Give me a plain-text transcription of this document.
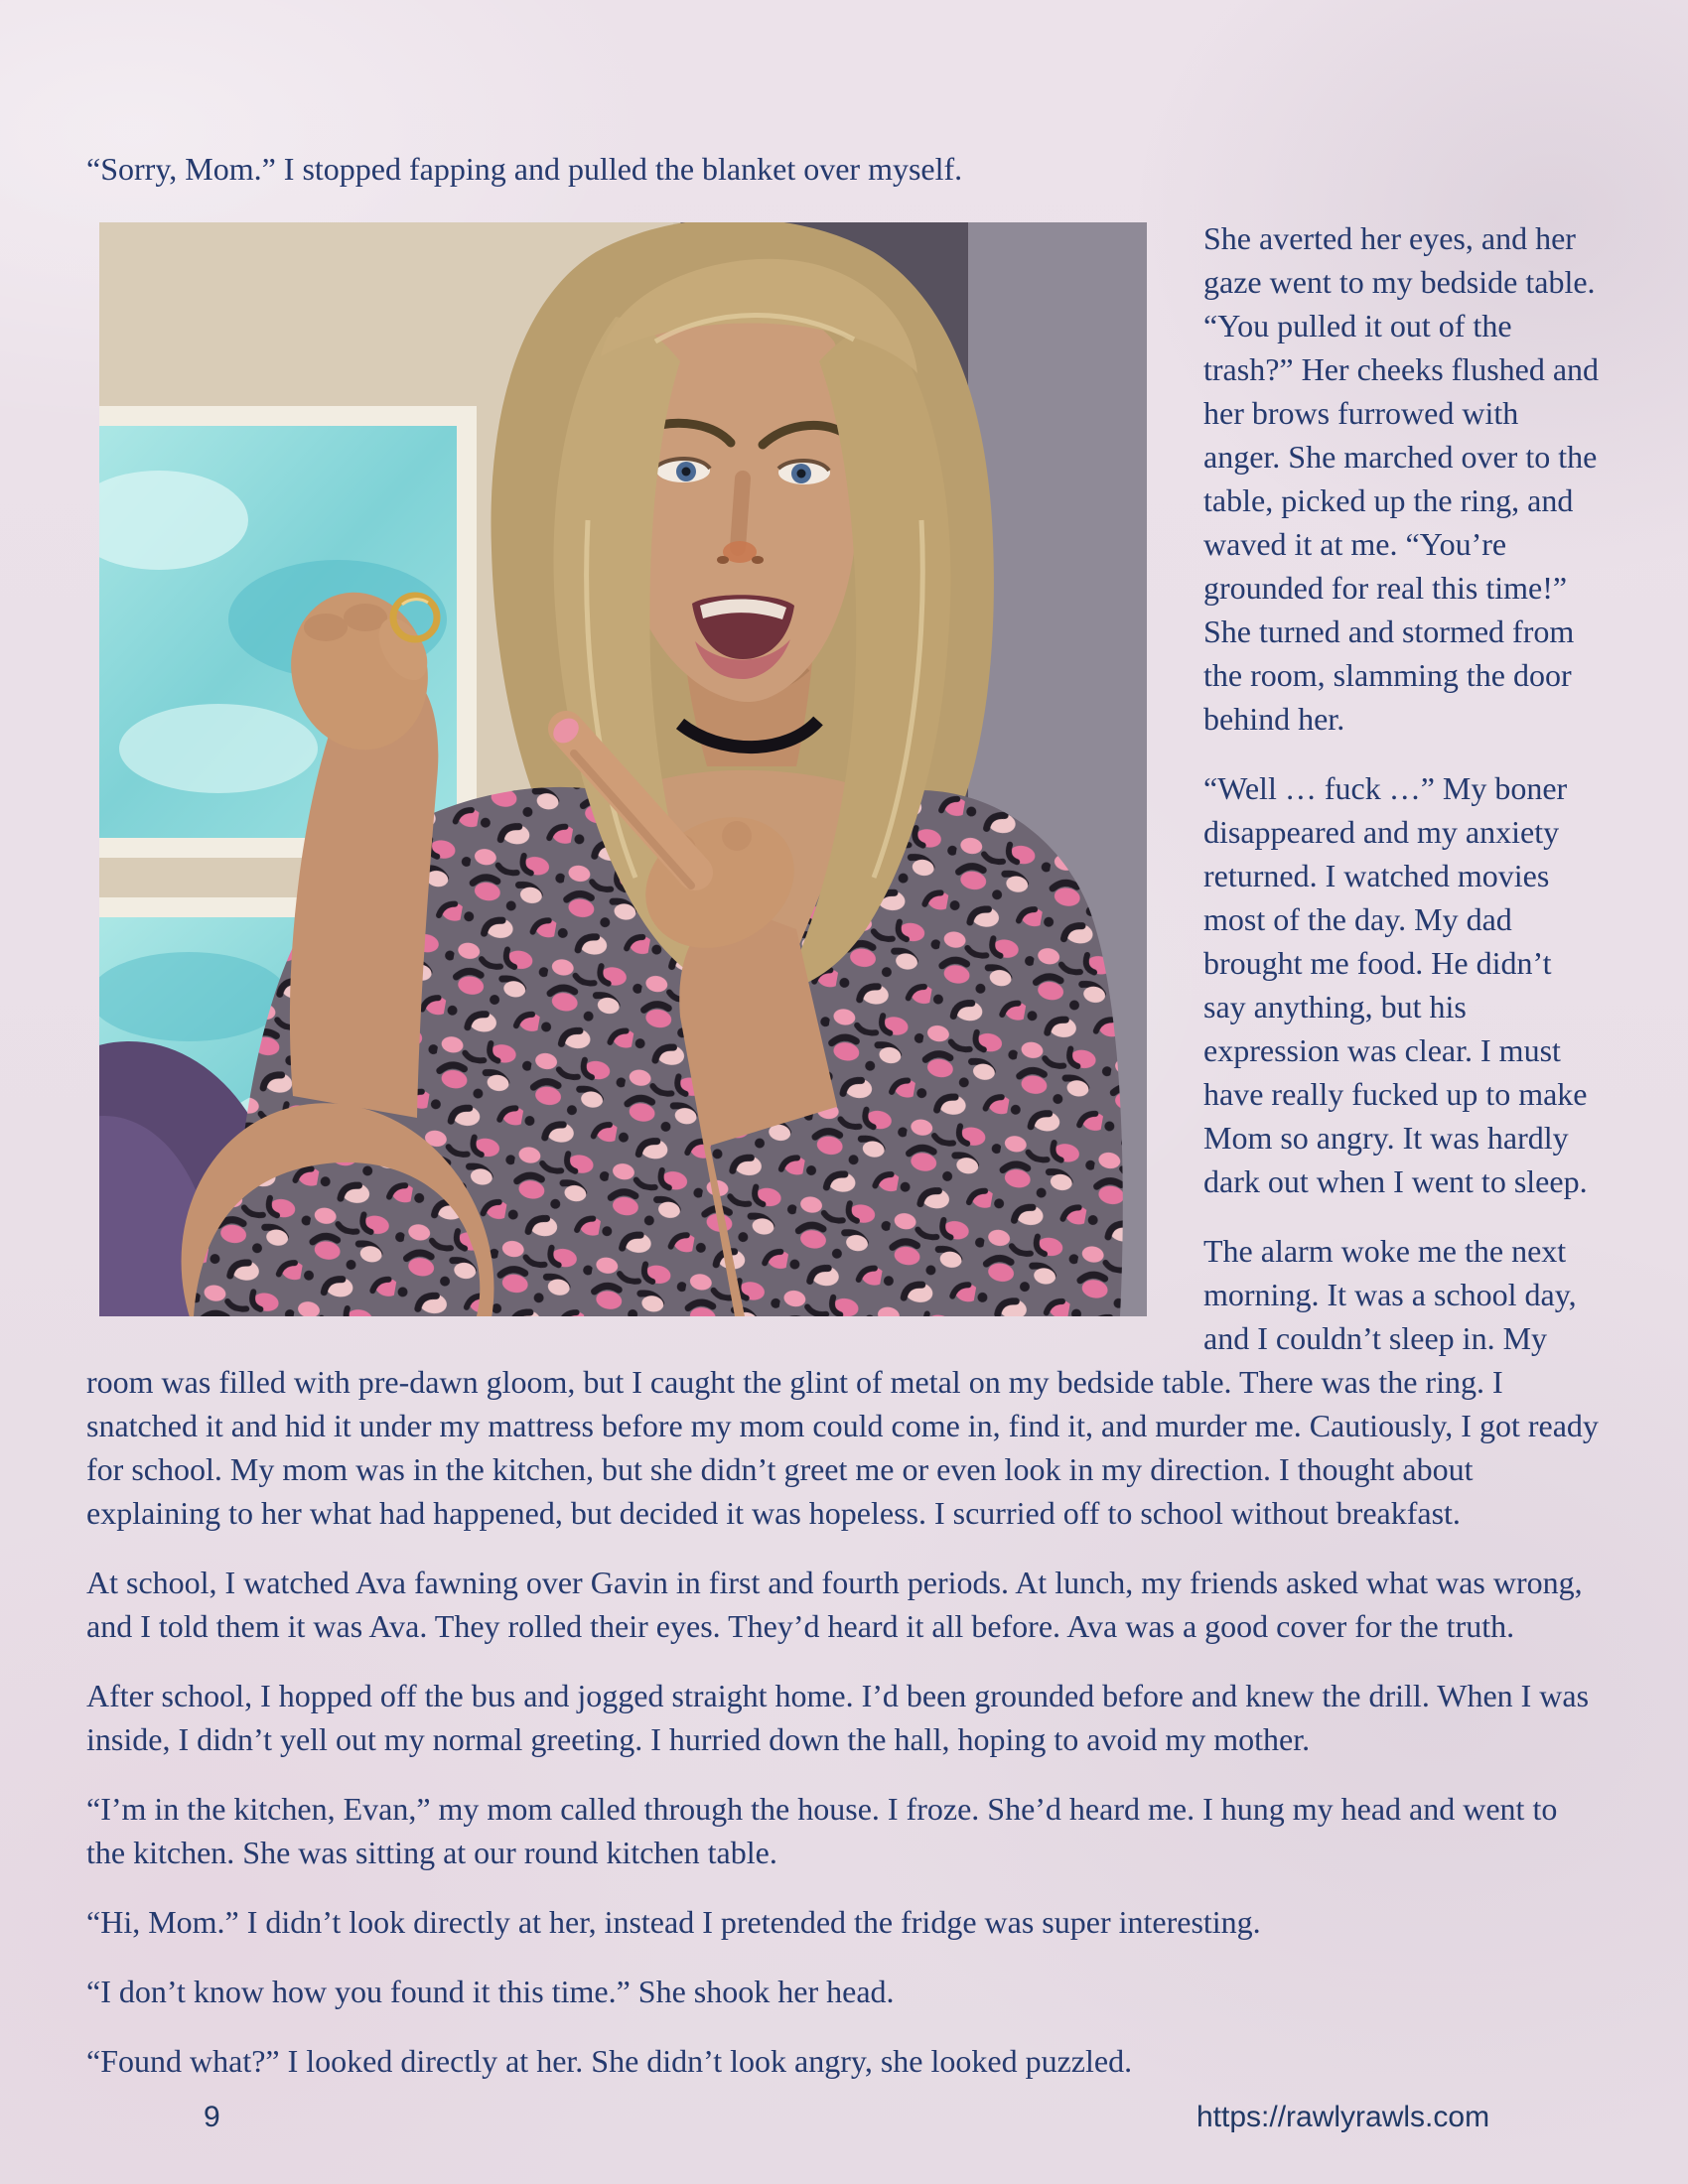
“Sorry, Mom.” I stopped fapping and pulled the blanket over myself.

She averted her eyes, and her gaze went to my bedside table. “You pulled it out of the trash?” Her cheeks flushed and her brows furrowed with anger. She marched over to the table, picked up the ring, and waved it at me. “You’re grounded for real this time!” She turned and stormed from the room, slamming the door behind her.

“Well … fuck …” My boner disappeared and my anxiety returned. I watched movies most of the day. My dad brought me food. He didn’t say anything, but his expression was clear. I must have really fucked up to make Mom so angry. It was hardly dark out when I went to sleep.

The alarm woke me the next morning. It was a school day, and I couldn’t sleep in. My room was filled with pre-dawn gloom, but I caught the glint of metal on my bedside table. There was the ring. I snatched it and hid it under my mattress before my mom could come in, find it, and murder me. Cautiously, I got ready for school. My mom was in the kitchen, but she didn’t greet me or even look in my direction. I thought about explaining to her what had happened, but decided it was hopeless. I scurried off to school without breakfast.

At school, I watched Ava fawning over Gavin in first and fourth periods. At lunch, my friends asked what was wrong, and I told them it was Ava. They rolled their eyes. They’d heard it all before. Ava was a good cover for the truth.

After school, I hopped off the bus and jogged straight home. I’d been grounded before and knew the drill. When I was inside, I didn’t yell out my normal greeting. I hurried down the hall, hoping to avoid my mother.

“I’m in the kitchen, Evan,” my mom called through the house. I froze. She’d heard me. I hung my head and went to the kitchen. She was sitting at our round kitchen table.

“Hi, Mom.” I didn’t look directly at her, instead I pretended the fridge was super interesting.

“I don’t know how you found it this time.” She shook her head.

“Found what?” I looked directly at her. She didn’t look angry, she looked puzzled.

9	https://rawlyrawls.com
